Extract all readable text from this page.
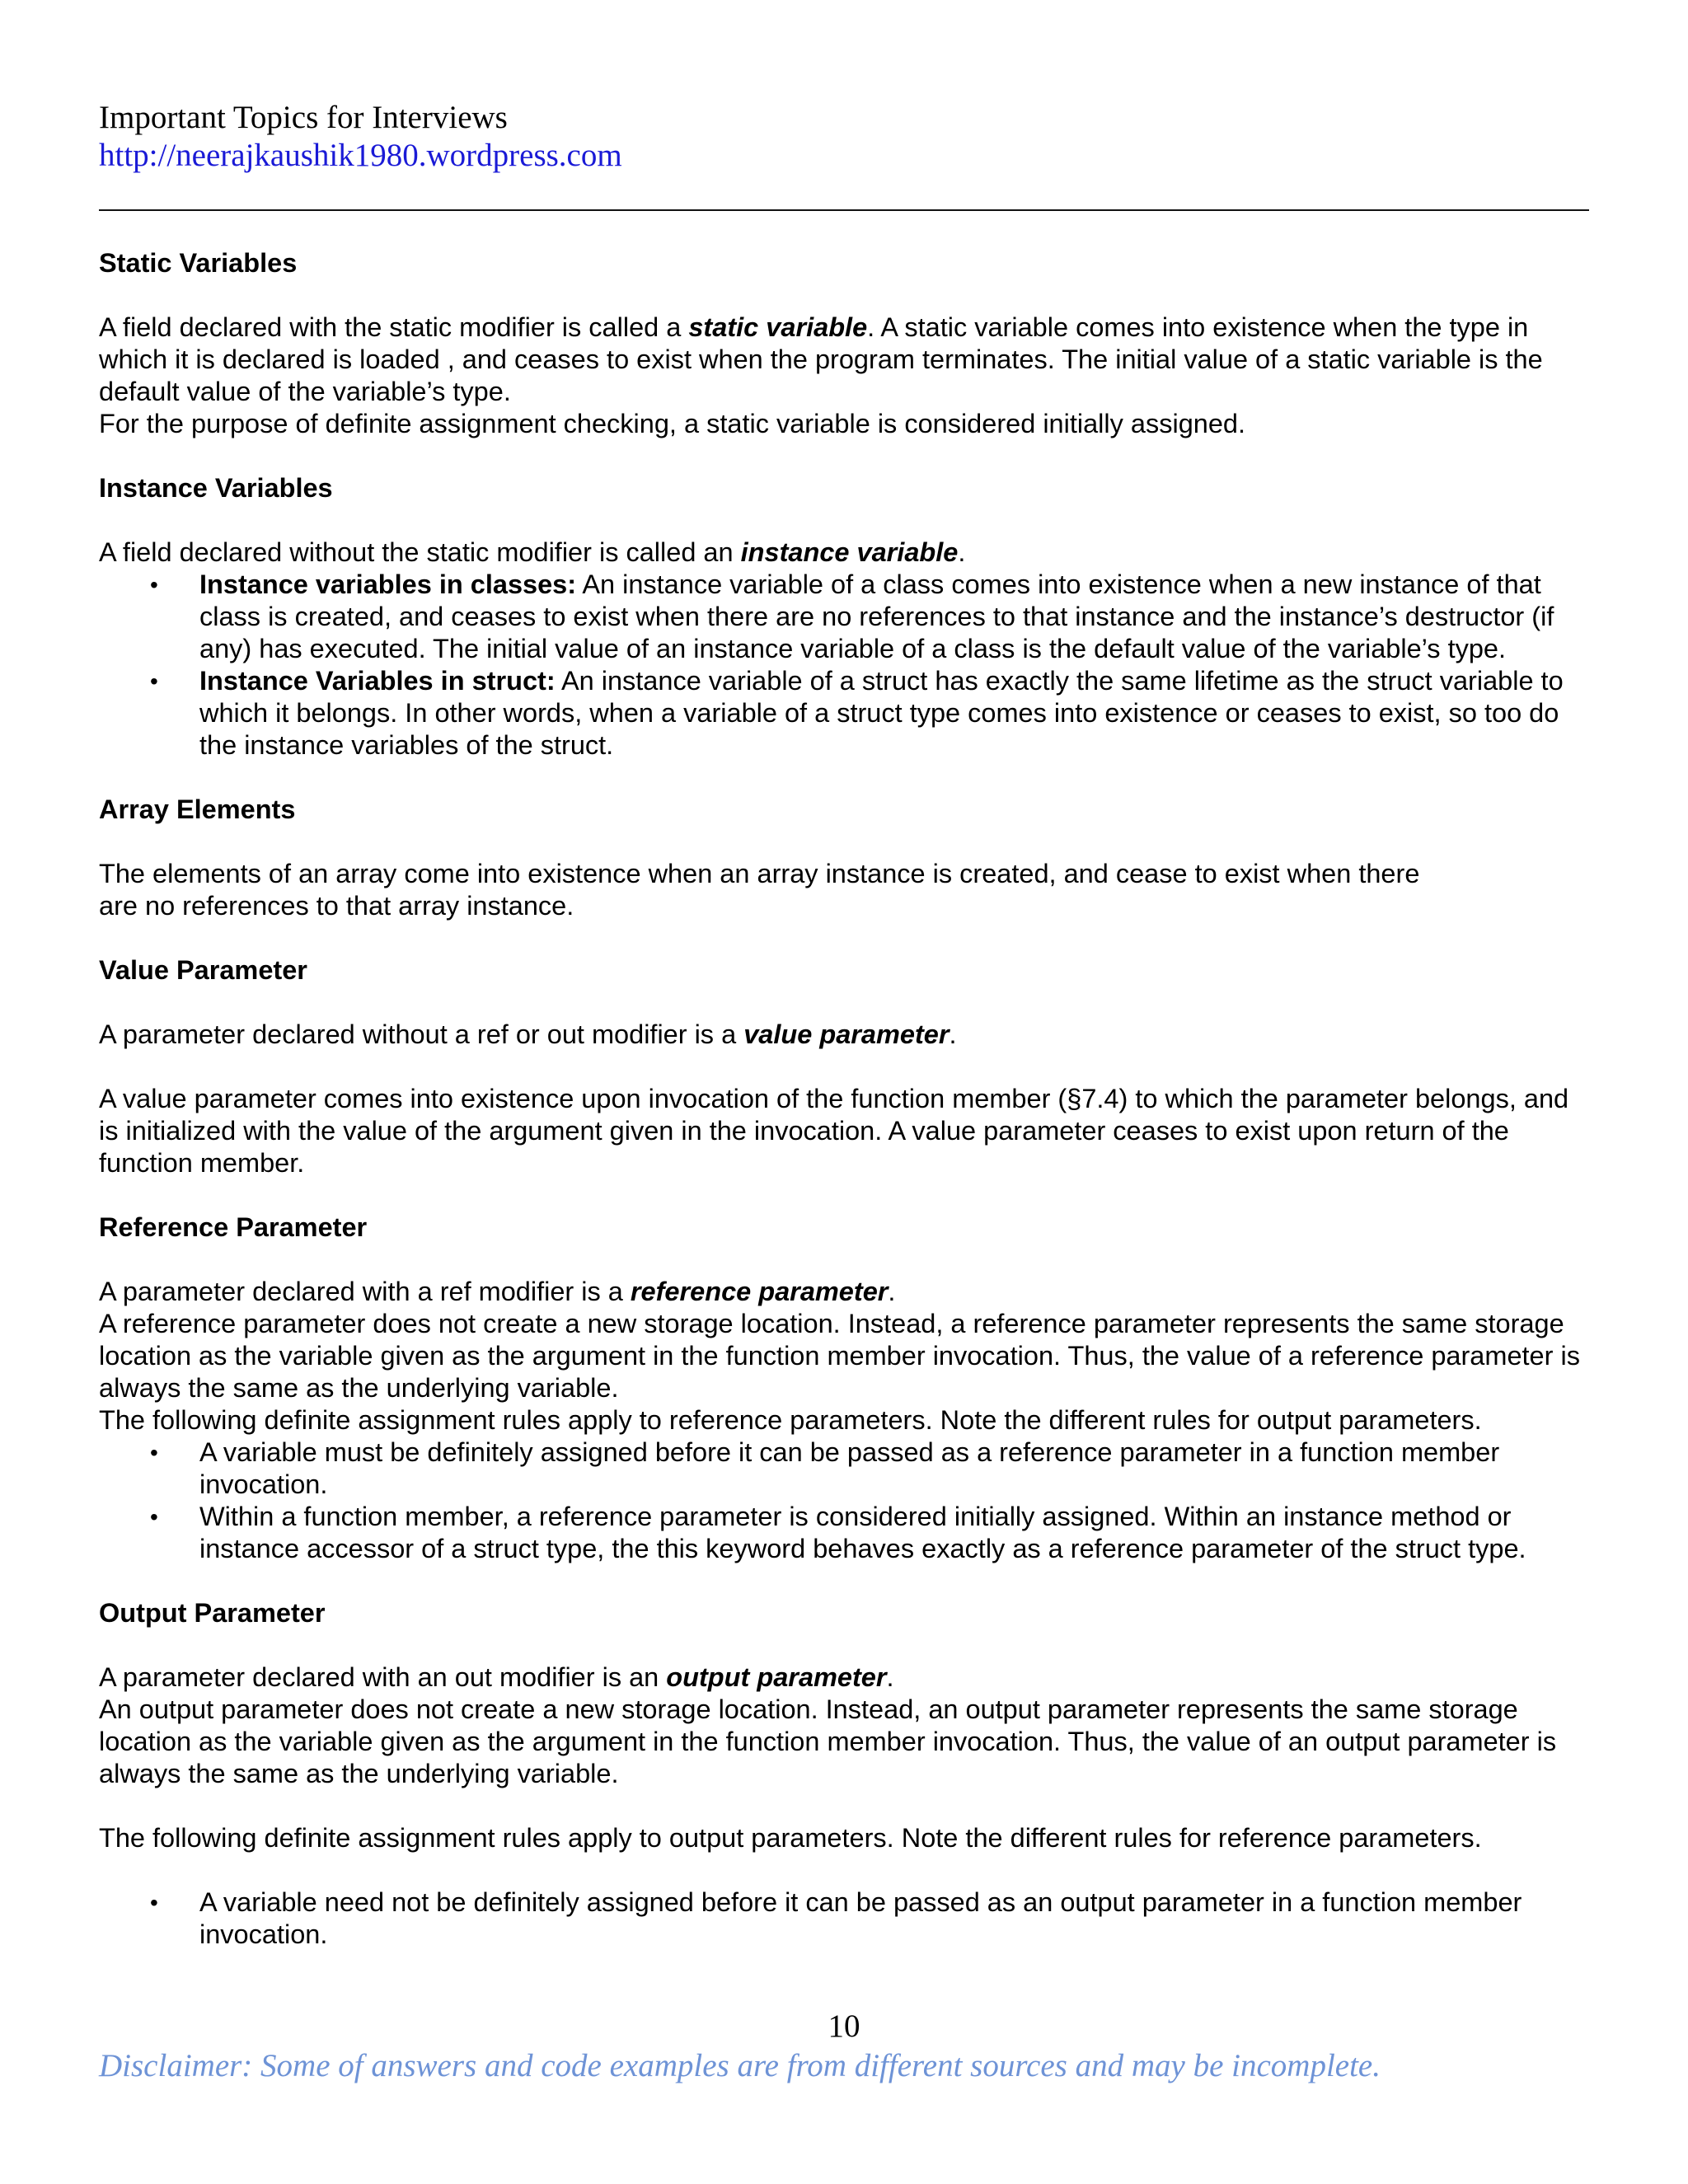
Important Topics for Interviews
http://neerajkaushik1980.wordpress.com
Static Variables

A field declared with the static modifier is called a static variable. A static variable comes into existence when the type in which it is declared is loaded , and ceases to exist when the program terminates. The initial value of a static variable is the default value of the variable’s type.

For the purpose of definite assignment checking, a static variable is considered initially assigned.

Instance Variables

A field declared without the static modifier is called an instance variable.

• Instance variables in classes: An instance variable of a class comes into existence when a new instance of that class is created, and ceases to exist when there are no references to that instance and the instance’s destructor (if any) has executed. The initial value of an instance variable of a class is the default value of the variable’s type.
• Instance Variables in struct: An instance variable of a struct has exactly the same lifetime as the struct variable to which it belongs. In other words, when a variable of a struct type comes into existence or ceases to exist, so too do the instance variables of the struct.
Array Elements

The elements of an array come into existence when an array instance is created, and cease to exist when there

are no references to that array instance.

Value Parameter

A parameter declared without a ref or out modifier is a value parameter.

A value parameter comes into existence upon invocation of the function member (§7.4) to which the parameter belongs, and is initialized with the value of the argument given in the invocation. A value parameter ceases to exist upon return of the function member.

Reference Parameter

A parameter declared with a ref modifier is a reference parameter.

A reference parameter does not create a new storage location. Instead, a reference parameter represents the same storage location as the variable given as the argument in the function member invocation. Thus, the value of a reference parameter is always the same as the underlying variable.

The following definite assignment rules apply to reference parameters. Note the different rules for output parameters.

• A variable must be definitely assigned before it can be passed as a reference parameter in a function member invocation.
• Within a function member, a reference parameter is considered initially assigned. Within an instance method or instance accessor of a struct type, the this keyword behaves exactly as a reference parameter of the struct type.
Output Parameter

A parameter declared with an out modifier is an output parameter.

An output parameter does not create a new storage location. Instead, an output parameter represents the same storage location as the variable given as the argument in the function member invocation. Thus, the value of an output parameter is always the same as the underlying variable.

The following definite assignment rules apply to output parameters. Note the different rules for reference parameters.

• A variable need not be definitely assigned before it can be passed as an output parameter in a function member invocation.
10
Disclaimer: Some of answers and code examples are from different sources and may be incomplete.
